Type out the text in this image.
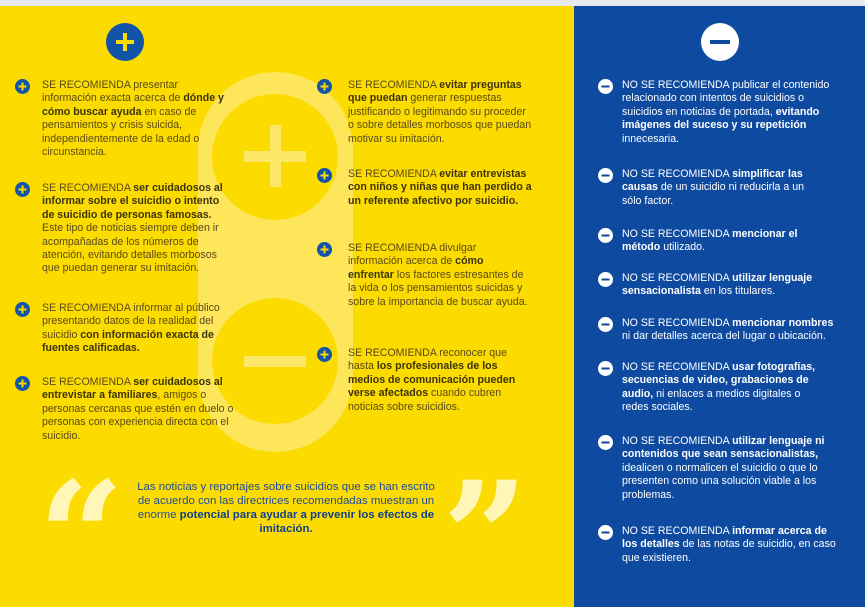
SE RECOMIENDA presentar información exacta acerca de dónde y cómo buscar ayuda en caso de pensamientos y crisis suicida, independientemente de la edad o circunstancia.
SE RECOMIENDA ser cuidadosos al informar sobre el suicidio o intento de suicidio de personas famosas. Este tipo de noticias siempre deben ir acompañadas de los números de atención, evitando detalles morbosos que puedan generar su imitación.
SE RECOMIENDA informar al público presentando datos de la realidad del suicidio con información exacta de fuentes calificadas.
SE RECOMIENDA ser cuidadosos al entrevistar a familiares, amigos o personas cercanas que estén en duelo o personas con experiencia directa con el suicidio.
SE RECOMIENDA evitar preguntas que puedan generar respuestas justificando o legitimando su proceder o sobre detalles morbosos que puedan motivar su imitación.
SE RECOMIENDA evitar entrevistas con niños y niñas que han perdido a un referente afectivo por suicidio.
SE RECOMIENDA divulgar información acerca de cómo enfrentar los factores estresantes de la vida o los pensamientos suicidas y sobre la importancia de buscar ayuda.
SE RECOMIENDA reconocer que hasta los profesionales de los medios de comunicación pueden verse afectados cuando cubren noticias sobre suicidios.
“	Las noticias y reportajes sobre suicidios que se han escrito de acuerdo con las directrices recomendadas muestran un enorme potencial para ayudar a prevenir los efectos de imitación. ”
NO SE RECOMIENDA publicar el contenido relacionado con intentos de suicidios o suicidios en noticias de portada, evitando imágenes del suceso y su repetición innecesaria.
NO SE RECOMIENDA simplificar las causas de un suicidio ni reducirla a un sólo factor.
NO SE RECOMIENDA mencionar el método utilizado.
NO SE RECOMIENDA utilizar lenguaje sensacionalista en los titulares.
NO SE RECOMIENDA mencionar nombres ni dar detalles acerca del lugar o ubicación.
NO SE RECOMIENDA usar fotografías, secuencias de video, grabaciones de audio, ni enlaces a medios digitales o redes sociales.
NO SE RECOMIENDA utilizar lenguaje ni contenidos que sean sensacionalistas, idealicen o normalicen el suicidio o que lo presenten como una solución viable a los problemas.
NO SE RECOMIENDA informar acerca de los detalles de las notas de suicidio, en caso que existieren.
